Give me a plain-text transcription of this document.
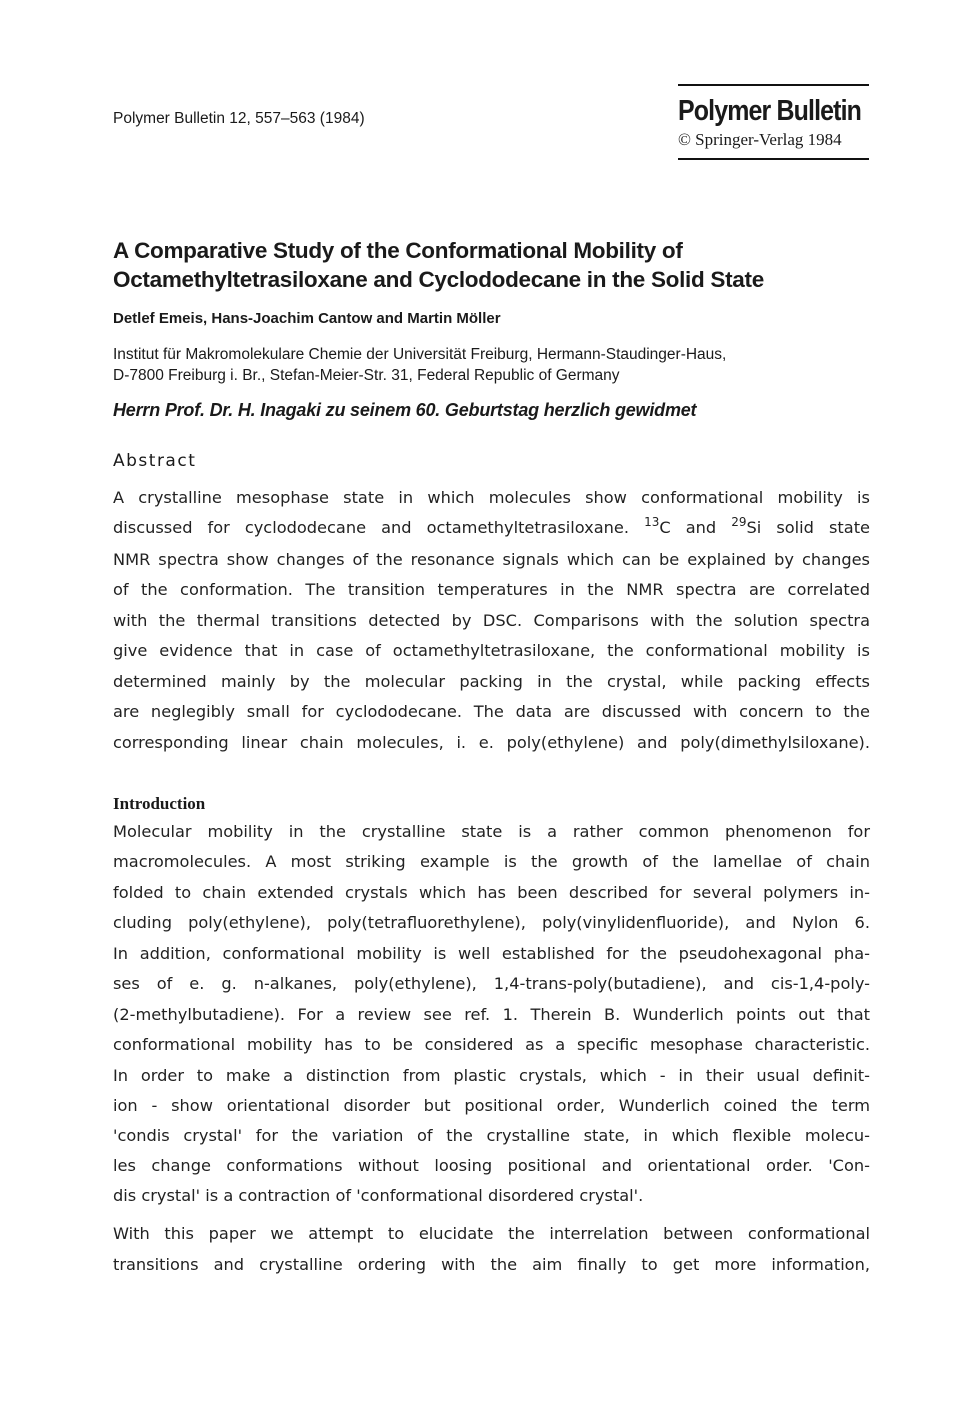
Polymer Bulletin 12, 557–563 (1984)	Polymer Bulletin
© Springer-Verlag 1984
A Comparative Study of the Conformational Mobility of
Octamethyltetrasiloxane and Cyclododecane in the Solid State
Detlef Emeis, Hans-Joachim Cantow and Martin Möller
Institut für Makromolekulare Chemie der Universität Freiburg, Hermann-Staudinger-Haus,
D-7800 Freiburg i. Br., Stefan-Meier-Str. 31, Federal Republic of Germany
Herrn Prof. Dr. H. Inagaki zu seinem 60. Geburtstag herzlich gewidmet
Abstract
A crystalline mesophase state in which molecules show conformational mobility is
discussed for cyclododecane and octamethyltetrasiloxane. $^{13}$C and $^{29}$Si solid state
NMR spectra show changes of the resonance signals which can be explained by changes
of the conformation. The transition temperatures in the NMR spectra are correlated
with the thermal transitions detected by DSC. Comparisons with the solution spectra
give evidence that in case of octamethyltetrasiloxane, the conformational mobility is
determined mainly by the molecular packing in the crystal, while packing effects
are neglegibly small for cyclododecane. The data are discussed with concern to the
corresponding linear chain molecules, i. e. poly(ethylene) and poly(dimethylsiloxane).
Introduction
Molecular mobility in the crystalline state is a rather common phenomenon for
macromolecules. A most striking example is the growth of the lamellae of chain
folded to chain extended crystals which has been described for several polymers in-
cluding poly(ethylene), poly(tetrafluorethylene), poly(vinylidenfluoride), and Nylon 6.
In addition, conformational mobility is well established for the pseudohexagonal pha-
ses of e. g. n-alkanes, poly(ethylene), 1,4-trans-poly(butadiene), and cis-1,4-poly-
(2-methylbutadiene). For a review see ref. 1. Therein B. Wunderlich points out that
conformational mobility has to be considered as a specific mesophase characteristic.
In order to make a distinction from plastic crystals, which - in their usual definit-
ion - show orientational disorder but positional order, Wunderlich coined the term
'condis crystal' for the variation of the crystalline state, in which flexible molecu-
les change conformations without loosing positional and orientational order. 'Con-
dis crystal' is a contraction of 'conformational disordered crystal'.
With this paper we attempt to elucidate the interrelation between conformational
transitions and crystalline ordering with the aim finally to get more information,
